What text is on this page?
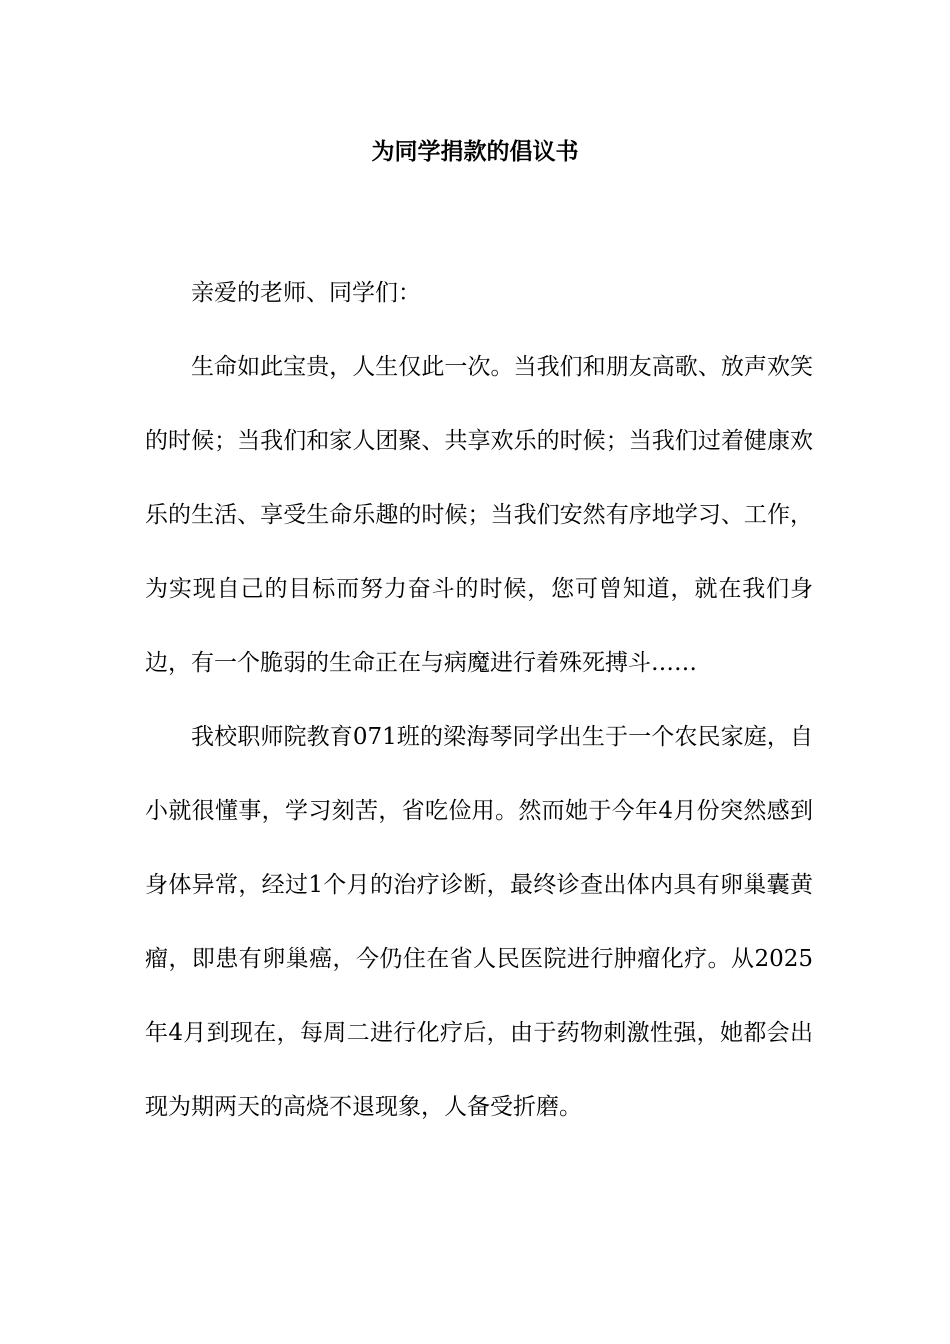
为同学捐款的倡议书

亲爱的老师、同学们：

生命如此宝贵，人生仅此一次。当我们和朋友高歌、放声欢笑的时候；当我们和家人团聚、共享欢乐的时候；当我们过着健康欢乐的生活、享受生命乐趣的时候；当我们安然有序地学习、工作，为实现自己的目标而努力奋斗的时候，您可曾知道，就在我们身边，有一个脆弱的生命正在与病魔进行着殊死搏斗……

我校职师院教育071班的梁海琴同学出生于一个农民家庭，自小就很懂事，学习刻苦，省吃俭用。然而她于今年4月份突然感到身体异常，经过1个月的治疗诊断，最终诊查出体内具有卵巢囊黄瘤，即患有卵巢癌，今仍住在省人民医院进行肿瘤化疗。从2025年4月到现在，每周二进行化疗后，由于药物刺激性强，她都会出现为期两天的高烧不退现象，人备受折磨。
